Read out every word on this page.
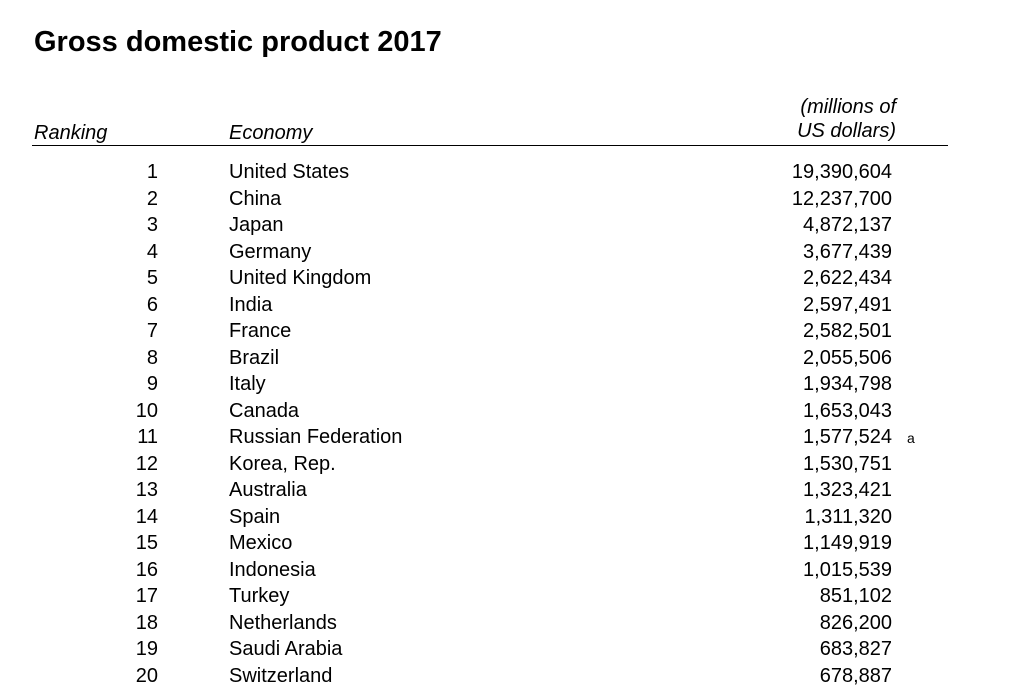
Gross domestic product 2017
Ranking	Economy
(millions of
US dollars)
1	United States	19,390,604
2	China	12,237,700
3	Japan	4,872,137
4	Germany	3,677,439
5	United Kingdom	2,622,434
6	India	2,597,491
7	France	2,582,501
8	Brazil	2,055,506
9	Italy	1,934,798
10	Canada	1,653,043
11	Russian Federation	1,577,524 a
12	Korea, Rep.	1,530,751
13	Australia	1,323,421
14	Spain	1,311,320
15	Mexico	1,149,919
16	Indonesia	1,015,539
17	Turkey	851,102
18	Netherlands	826,200
19	Saudi Arabia	683,827
20	Switzerland	678,887
